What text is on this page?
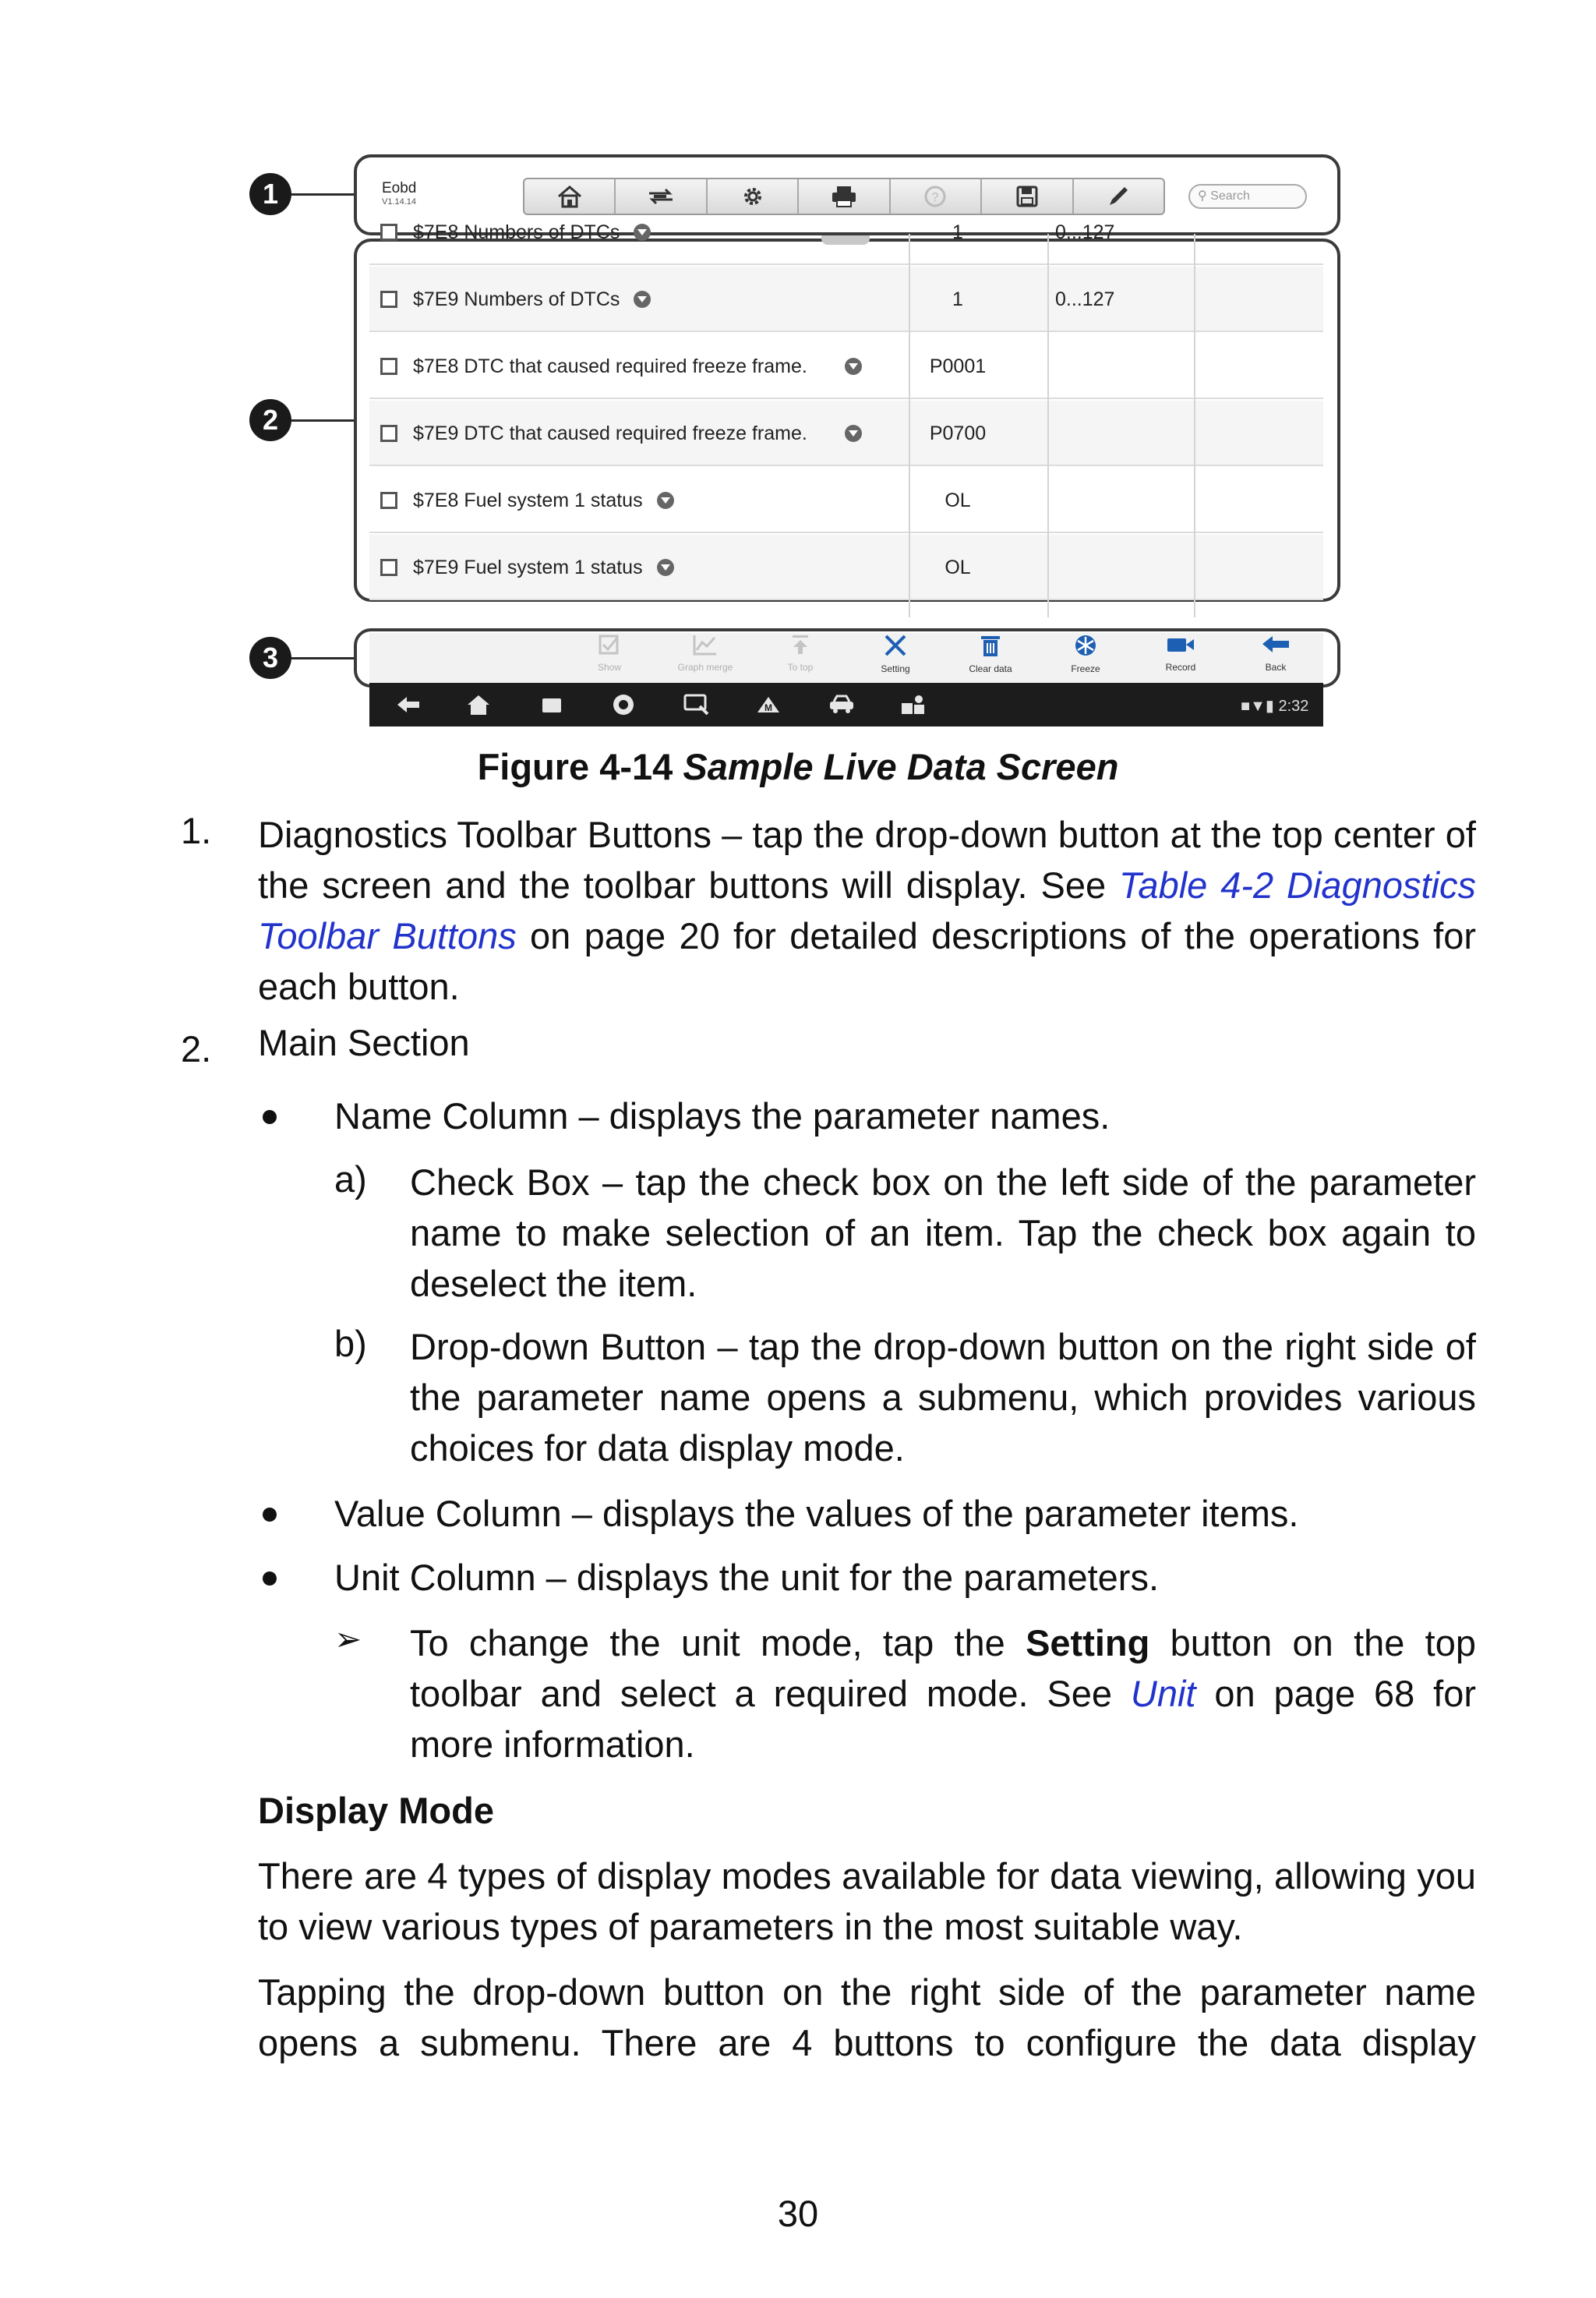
1
2
3
Eobd
V1.14.14	?	⚲ Search
$7E8 Numbers of DTCs	1	0...127
$7E9 Numbers of DTCs	1	0...127
$7E8 DTC that caused required freeze frame.	P0001
$7E9 DTC that caused required freeze frame.	P0700
$7E8 Fuel system 1 status	OL
$7E9 Fuel system 1 status	OL
Show	Graph merge	To top	Setting	Clear data	Freeze	Record	Back
M	■▼▮ 2:32
Figure 4-14 Sample Live Data Screen
1. Diagnostics Toolbar Buttons – tap the drop-down button at the top center of the screen and the toolbar buttons will display. See Table 4-2 Diagnostics Toolbar Buttons on page 20 for detailed descriptions of the operations for each button.
2. Main Section
Name Column – displays the parameter names.
a) Check Box – tap the check box on the left side of the parameter name to make selection of an item. Tap the check box again to deselect the item.
b) Drop-down Button – tap the drop-down button on the right side of the parameter name opens a submenu, which provides various choices for data display mode.
Value Column – displays the values of the parameter items.
Unit Column – displays the unit for the parameters.
➢ To change the unit mode, tap the Setting button on the top toolbar and select a required mode. See Unit on page 68 for more information.
Display Mode
There are 4 types of display modes available for data viewing, allowing you to view various types of parameters in the most suitable way.
Tapping the drop-down button on the right side of the parameter name opens a submenu. There are 4 buttons to configure the data display
30
